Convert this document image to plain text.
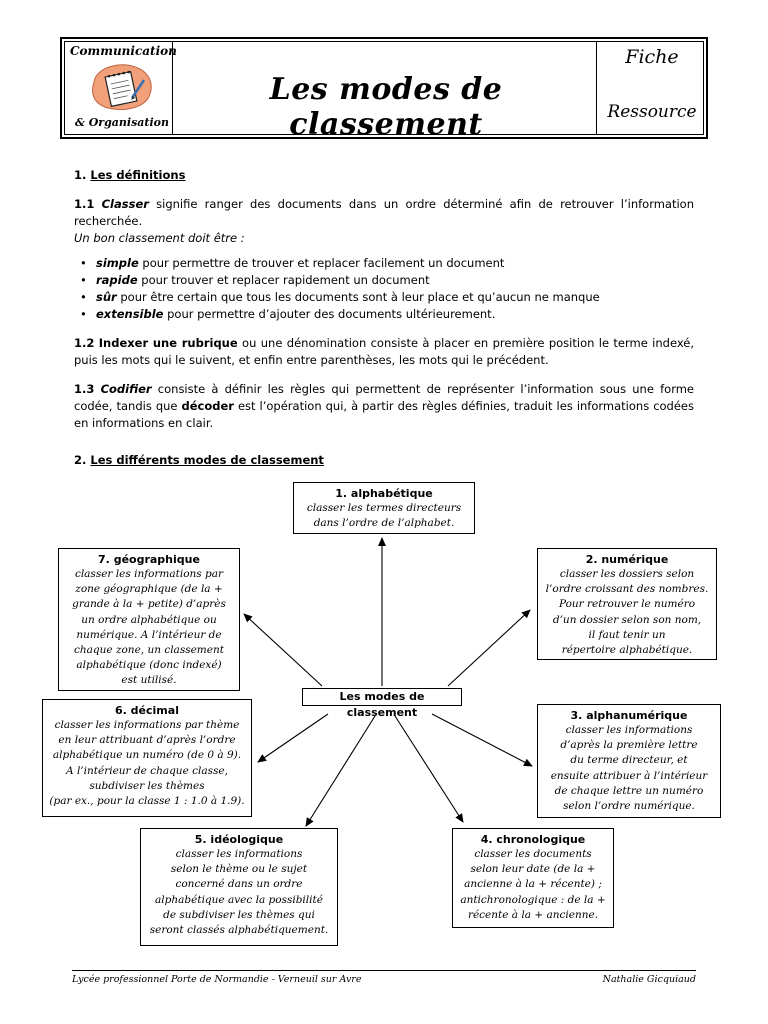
Communication
& Organisation
Les modes de classement
Fiche
Ressource
1. Les définitions
1.1 Classer signifie ranger des documents dans un ordre déterminé afin de retrouver l’information recherchée.
Un bon classement doit être :
• simple pour permettre de trouver et replacer facilement un document
• rapide pour trouver et replacer rapidement un document
• sûr pour être certain que tous les documents sont à leur place et qu’aucun ne manque
• extensible pour permettre d’ajouter des documents ultérieurement.
1.2 Indexer une rubrique ou une dénomination consiste à placer en première position le terme indexé, puis les mots qui le suivent, et enfin entre parenthèses, les mots qui le précédent.
1.3 Codifier consiste à définir les règles qui permettent de représenter l’information sous une forme codée, tandis que décoder est l’opération qui, à partir des règles définies, traduit les informations codées en informations en clair.
2. Les différents modes de classement
Les modes de classement
1. alphabétique
classer les termes directeurs
dans l’ordre de l’alphabet.
2. numérique
classer les dossiers selon
l’ordre croissant des nombres.
Pour retrouver le numéro
d’un dossier selon son nom,
il faut tenir un
répertoire alphabétique.
3. alphanumérique
classer les informations
d’après la première lettre
du terme directeur, et
ensuite attribuer à l’intérieur
de chaque lettre un numéro
selon l’ordre numérique.
4. chronologique
classer les documents
selon leur date (de la +
ancienne à la + récente) ;
antichronologique : de la +
récente à la + ancienne.
5. idéologique
classer les informations
selon le thème ou le sujet
concerné dans un ordre
alphabétique avec la possibilité
de subdiviser les thèmes qui
seront classés alphabétiquement.
6. décimal
classer les informations par thème
en leur attribuant d’après l’ordre
alphabétique un numéro (de 0 à 9).
A l’intérieur de chaque classe,
subdiviser les thèmes
(par ex., pour la classe 1 : 1.0 à 1.9).
7. géographique
classer les informations par
zone géographique (de la +
grande à la + petite) d’après
un ordre alphabétique ou
numérique. A l’intérieur de
chaque zone, un classement
alphabétique (donc indexé)
est utilisé.
Lycée professionnel Porte de Normandie - Verneuil sur Avre	Nathalie Gicquiaud
